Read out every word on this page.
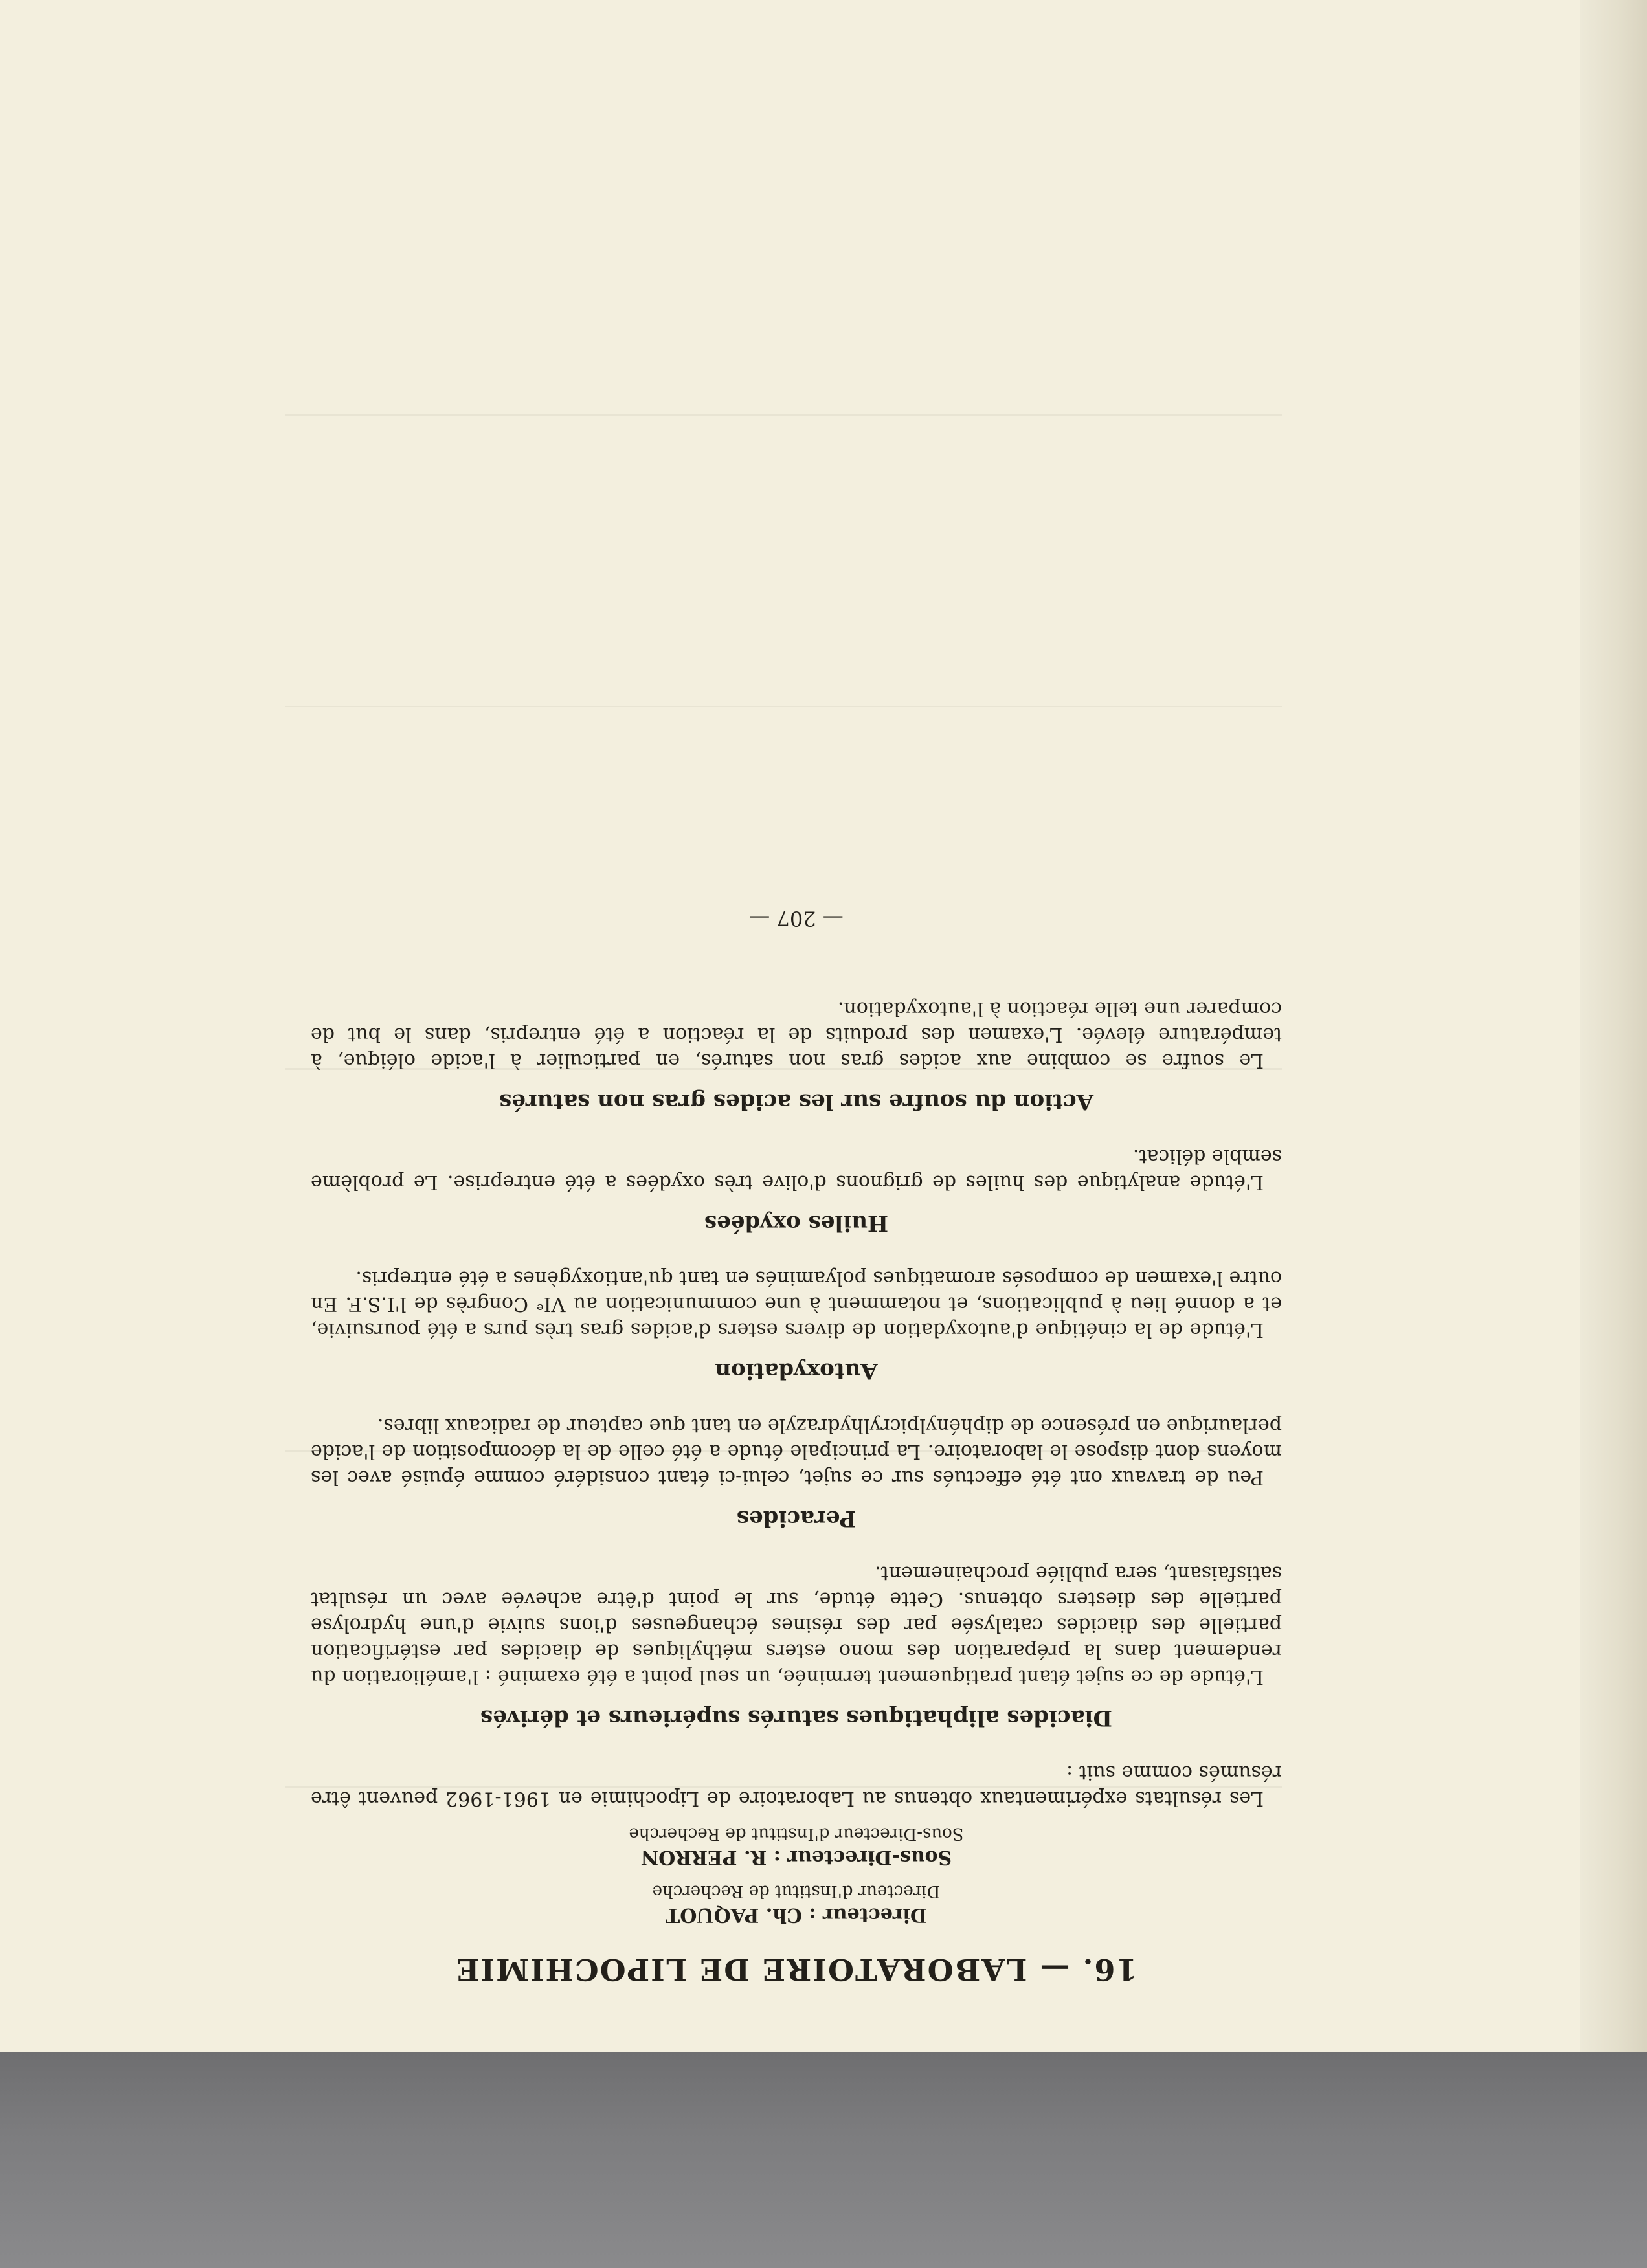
16. — LABORATOIRE DE LIPOCHIMIE
Directeur : Ch. PAQUOT
Directeur d'Institut de Recherche
Sous-Directeur : R. PERRON
Sous-Directeur d'Institut de Recherche

Les résultats expérimentaux obtenus au Laboratoire de Lipochimie en 1961-1962 peuvent être résumés comme suit :

Diacides aliphatiques saturés supérieurs et dérivés

L'étude de ce sujet étant pratiquement terminée, un seul point a été examiné : l'amélioration du rendement dans la préparation des mono esters méthyliques de diacides par estérification partielle des diacides catalysée par des résines échangeuses d'ions suivie d'une hydrolyse partielle des diesters obtenus. Cette étude, sur le point d'être achevée avec un résultat satisfaisant, sera publiée prochainement.

Peracides

Peu de travaux ont été effectués sur ce sujet, celui-ci étant considéré comme épuisé avec les moyens dont dispose le laboratoire. La principale étude a été celle de la décomposition de l'acide perlaurique en présence de diphénylpicrylhydrazyle en tant que capteur de radicaux libres.

Autoxydation

L'étude de la cinétique d'autoxydation de divers esters d'acides gras très purs a été poursuivie, et a donné lieu à publications, et notamment à une communication au VIᵉ Congrès de l'I.S.F. En outre l'examen de composés aromatiques polyaminés en tant qu'antioxygènes a été entrepris.

Huiles oxydées

L'étude analytique des huiles de grignons d'olive très oxydées a été entreprise. Le problème semble délicat.

Action du soufre sur les acides gras non saturés

Le soufre se combine aux acides gras non saturés, en particulier à l'acide oléique, à température élevée. L'examen des produits de la réaction a été entrepris, dans le but de comparer une telle réaction à l'autoxydation.

— 207 —
